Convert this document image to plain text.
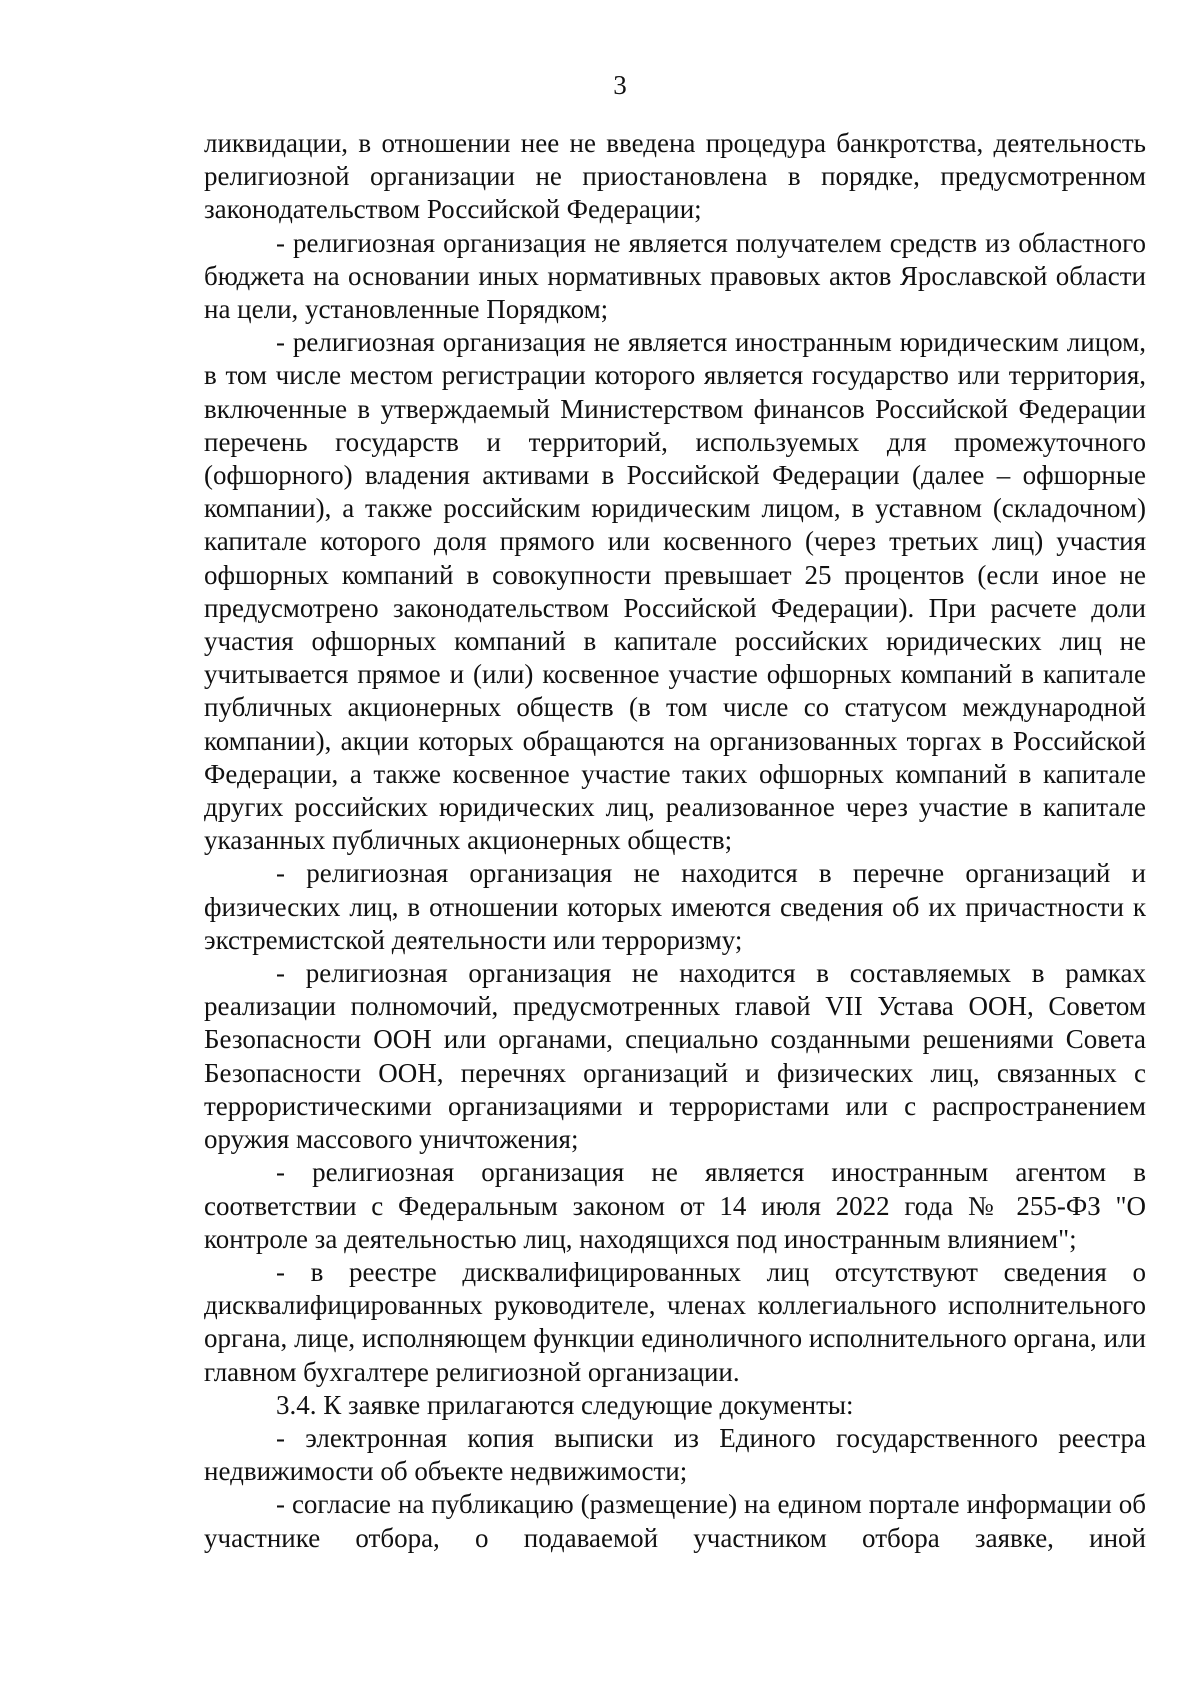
3

ликвидации, в отношении нее не введена процедура банкротства, деятельность религиозной организации не приостановлена в порядке, предусмотренном законодательством Российской Федерации;

- религиозная организация не является получателем средств из областного бюджета на основании иных нормативных правовых актов Ярославской области на цели, установленные Порядком;

- религиозная организация не является иностранным юридическим лицом, в том числе местом регистрации которого является государство или территория, включенные в утверждаемый Министерством финансов Российской Федерации перечень государств и территорий, используемых для промежуточного (офшорного) владения активами в Российской Федерации (далее – офшорные компании), а также российским юридическим лицом, в уставном (складочном) капитале которого доля прямого или косвенного (через третьих лиц) участия офшорных компаний в совокупности превышает 25 процентов (если иное не предусмотрено законодательством Российской Федерации). При расчете доли участия офшорных компаний в капитале российских юридических лиц не учитывается прямое и (или) косвенное участие офшорных компаний в капитале публичных акционерных обществ (в том числе со статусом международной компании), акции которых обращаются на организованных торгах в Российской Федерации, а также косвенное участие таких офшорных компаний в капитале других российских юридических лиц, реализованное через участие в капитале указанных публичных акционерных обществ;

- религиозная организация не находится в перечне организаций и физических лиц, в отношении которых имеются сведения об их причастности к экстремистской деятельности или терроризму;

- религиозная организация не находится в составляемых в рамках реализации полномочий, предусмотренных главой VII Устава ООН, Советом Безопасности ООН или органами, специально созданными решениями Совета Безопасности ООН, перечнях организаций и физических лиц, связанных с террористическими организациями и террористами или с распространением оружия массового уничтожения;

- религиозная организация не является иностранным агентом в соответствии с Федеральным законом от 14 июля 2022 года № 255-ФЗ "О контроле за деятельностью лиц, находящихся под иностранным влиянием";

- в реестре дисквалифицированных лиц отсутствуют сведения о дисквалифицированных руководителе, членах коллегиального исполнительного органа, лице, исполняющем функции единоличного исполнительного органа, или главном бухгалтере религиозной организации.

3.4. К заявке прилагаются следующие документы:

- электронная копия выписки из Единого государственного реестра недвижимости об объекте недвижимости;

- согласие на публикацию (размещение) на едином портале информации об участнике отбора, о подаваемой участником отбора заявке, иной
